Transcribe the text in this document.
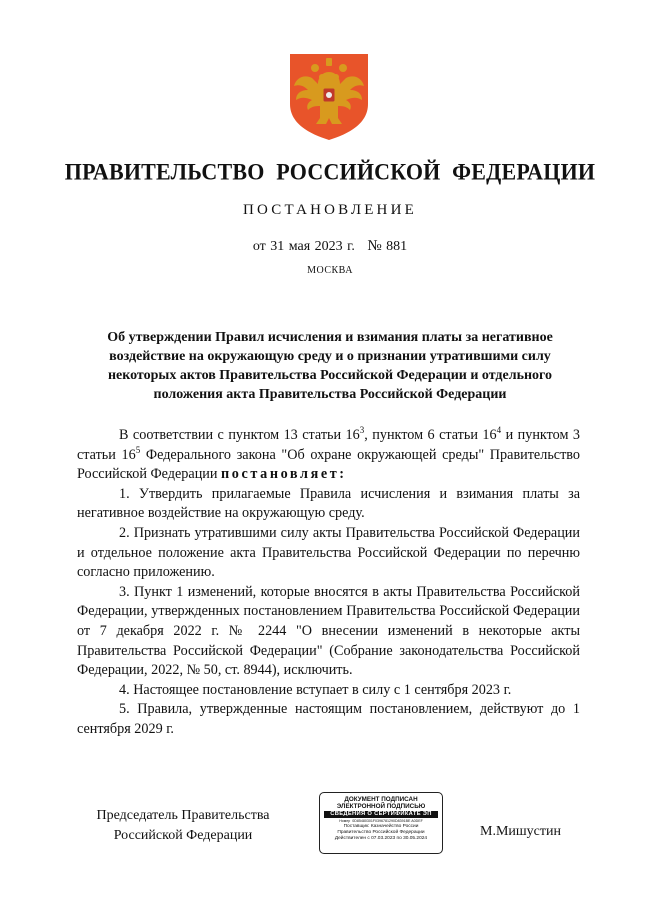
ПРАВИТЕЛЬСТВО РОССИЙСКОЙ ФЕДЕРАЦИИ
ПОСТАНОВЛЕНИЕ
от 31 мая 2023 г. № 881
МОСКВА
Об утверждении Правил исчисления и взимания платы за негативное
воздействие на окружающую среду и о признании утратившими силу
некоторых актов Правительства Российской Федерации и отдельного
положения акта Правительства Российской Федерации

В соответствии с пунктом 13 статьи $16^3$, пунктом 6 статьи $16^4$ и пунктом 3 статьи $16^5$ Федерального закона "Об охране окружающей среды" Правительство Российской Федерации постановляет:

1. Утвердить прилагаемые Правила исчисления и взимания платы за негативное воздействие на окружающую среду.

2. Признать утратившими силу акты Правительства Российской Федерации и отдельное положение акта Правительства Российской Федерации по перечню согласно приложению.

3. Пункт 1 изменений, которые вносятся в акты Правительства Российской Федерации, утвержденных постановлением Правительства Российской Федерации от 7 декабря 2022 г. № 2244 "О внесении изменений в некоторые акты Правительства Российской Федерации" (Собрание законодательства Российской Федерации, 2022, № 50, ст. 8944), исключить.

4. Настоящее постановление вступает в силу с 1 сентября 2023 г.

5. Правила, утвержденные настоящим постановлением, действуют до 1 сентября 2029 г.

Председатель Правительства
Российской Федерации
ДОКУМЕНТ ПОДПИСАН
ЭЛЕКТРОННОЙ ПОДПИСЬЮ
СВЕДЕНИЯ О СЕРТИФИКАТЕ ЭП
Номер 0D85480301F0396781290D8391BE A0DEF
Поставщик: Казначейство России
Правительство Российской Федерации
Действителен с 07.03.2023 по 30.05.2024	М.Мишустин
